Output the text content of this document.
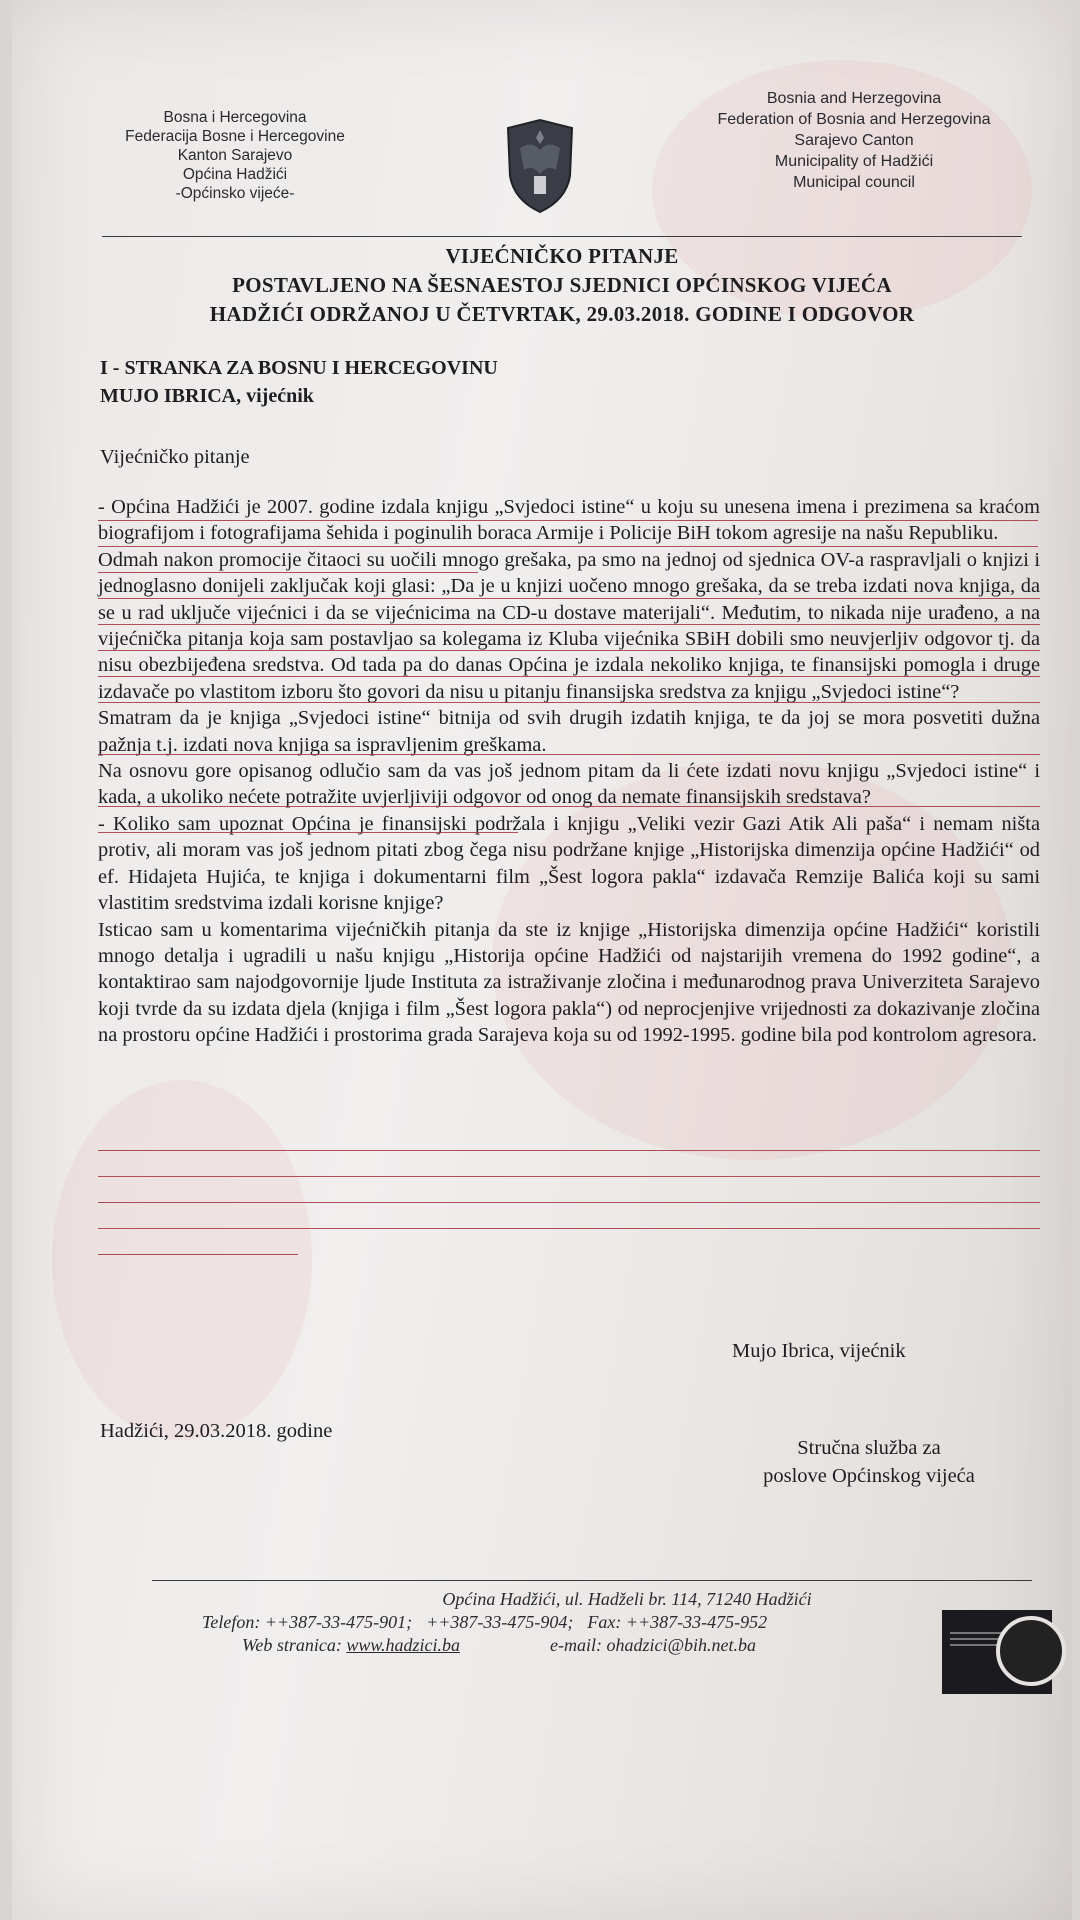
Bosna i Hercegovina
Federacija Bosne i Hercegovine
Kanton Sarajevo
Općina Hadžići
-Općinsko vijeće-
Bosnia and Herzegovina
Federation of Bosnia and Herzegovina
Sarajevo Canton
Municipality of Hadžići
Municipal council
VIJEĆNIČKO PITANJE
POSTAVLJENO NA ŠESNAESTOJ SJEDNICI OPĆINSKOG VIJEĆA
HADŽIĆI ODRŽANOJ U ČETVRTAK, 29.03.2018. GODINE I ODGOVOR
I - STRANKA ZA BOSNU I HERCEGOVINU
MUJO IBRICA, vijećnik
Vijećničko pitanje

- Općina Hadžići je 2007. godine izdala knjigu „Svjedoci istine“ u koju su unesena imena i prezimena sa kraćom biografijom i fotografijama šehida i poginulih boraca Armije i Policije BiH tokom agresije na našu Republiku.

Odmah nakon promocije čitaoci su uočili mnogo grešaka, pa smo na jednoj od sjednica OV-a raspravljali o knjizi i jednoglasno donijeli zaključak koji glasi: „Da je u knjizi uočeno mnogo grešaka, da se treba izdati nova knjiga, da se u rad uključe vijećnici i da se vijećnicima na CD-u dostave materijali“. Međutim, to nikada nije urađeno, a na vijećnička pitanja koja sam postavljao sa kolegama iz Kluba vijećnika SBiH dobili smo neuvjerljiv odgovor tj. da nisu obezbijeđena sredstva. Od tada pa do danas Općina je izdala nekoliko knjiga, te finansijski pomogla i druge izdavače po vlastitom izboru što govori da nisu u pitanju finansijska sredstva za knjigu „Svjedoci istine“?

Smatram da je knjiga „Svjedoci istine“ bitnija od svih drugih izdatih knjiga, te da joj se mora posvetiti dužna pažnja t.j. izdati nova knjiga sa ispravljenim greškama.

Na osnovu gore opisanog odlučio sam da vas još jednom pitam da li ćete izdati novu knjigu „Svjedoci istine“ i kada, a ukoliko nećete potražite uvjerljiviji odgovor od onog da nemate finansijskih sredstava?

- Koliko sam upoznat Općina je finansijski podržala i knjigu „Veliki vezir Gazi Atik Ali paša“ i nemam ništa protiv, ali moram vas još jednom pitati zbog čega nisu podržane knjige „Historijska dimenzija općine Hadžići“ od ef. Hidajeta Hujića, te knjiga i dokumentarni film „Šest logora pakla“ izdavača Remzije Balića koji su sami vlastitim sredstvima izdali korisne knjige?

Isticao sam u komentarima vijećničkih pitanja da ste iz knjige „Historijska dimenzija općine Hadžići“ koristili mnogo detalja i ugradili u našu knjigu „Historija općine Hadžići od najstarijih vremena do 1992 godine“, a kontaktirao sam najodgovornije ljude Instituta za istraživanje zločina i međunarodnog prava Univerziteta Sarajevo koji tvrde da su izdata djela (knjiga i film „Šest logora pakla“) od neprocjenjive vrijednosti za dokazivanje zločina na prostoru općine Hadžići i prostorima grada Sarajeva koja su od 1992-1995. godine bila pod kontrolom agresora.

Mujo Ibrica, vijećnik
Hadžići, 29.03.2018. godine
Stručna služba za
poslove Općinskog vijeća
Općina Hadžići, ul. Hadželi br. 114, 71240 Hadžići
Telefon: ++387-33-475-901; ++387-33-475-904; Fax: ++387-33-475-952
Web stranica: www.hadzici.ba	e-mail: ohadzici@bih.net.ba
